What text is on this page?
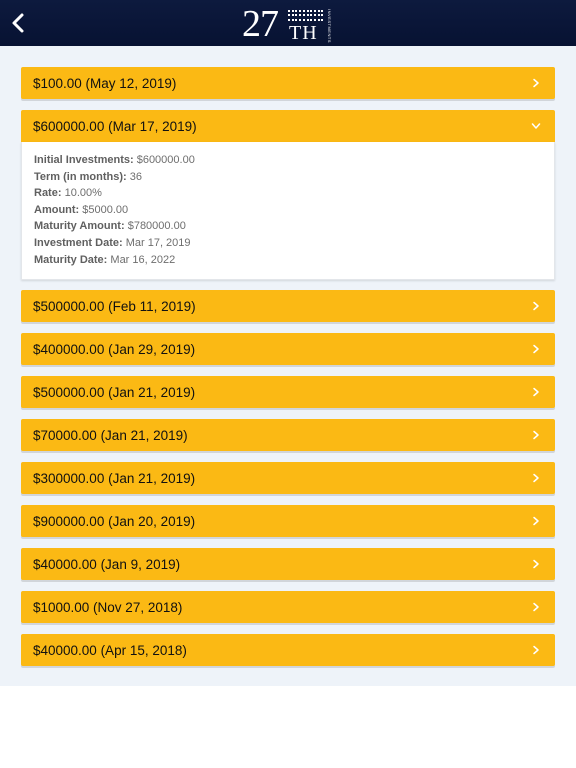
27 TH INVESTMENTS
$100.00 (May 12, 2019)
$600000.00 (Mar 17, 2019)
Initial Investments: $600000.00
Term (in months): 36
Rate: 10.00%
Amount: $5000.00
Maturity Amount: $780000.00
Investment Date: Mar 17, 2019
Maturity Date: Mar 16, 2022
$500000.00 (Feb 11, 2019)
$400000.00 (Jan 29, 2019)
$500000.00 (Jan 21, 2019)
$70000.00 (Jan 21, 2019)
$300000.00 (Jan 21, 2019)
$900000.00 (Jan 20, 2019)
$40000.00 (Jan 9, 2019)
$1000.00 (Nov 27, 2018)
$40000.00 (Apr 15, 2018)
